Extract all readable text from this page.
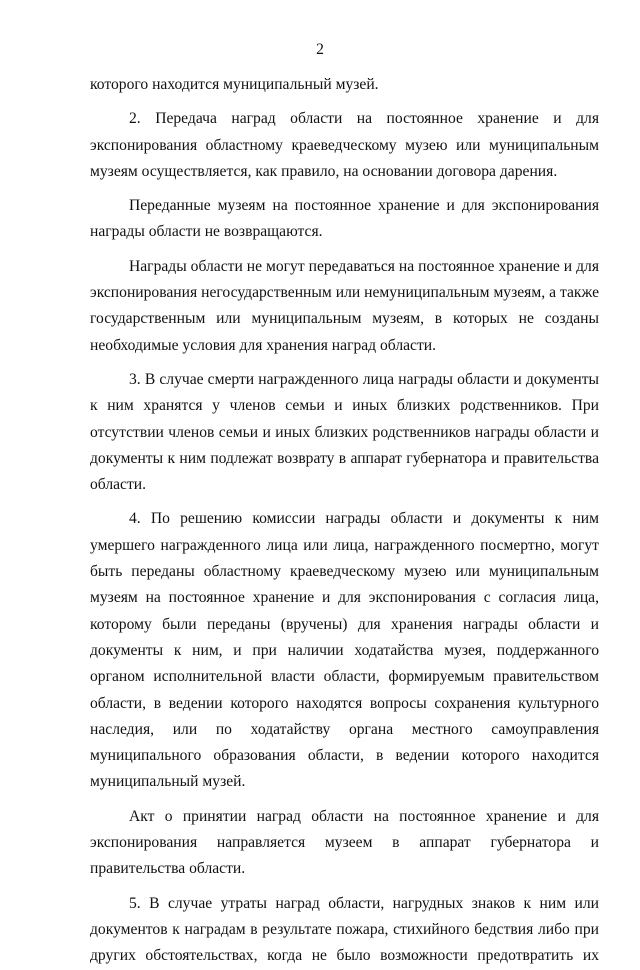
2

которого находится муниципальный музей.

2. Передача наград области на постоянное хранение и для экспонирования областному краеведческому музею или муниципальным музеям осуществляется, как правило, на основании договора дарения.

Переданные музеям на постоянное хранение и для экспонирования награды области не возвращаются.

Награды области не могут передаваться на постоянное хранение и для экспонирования негосударственным или немуниципальным музеям, а также государственным или муниципальным музеям, в которых не созданы необходимые условия для хранения наград области.

3. В случае смерти награжденного лица награды области и документы к ним хранятся у членов семьи и иных близких родственников. При отсутствии членов семьи и иных близких родственников награды области и документы к ним подлежат возврату в аппарат губернатора и правительства области.

4. По решению комиссии награды области и документы к ним умершего награжденного лица или лица, награжденного посмертно, могут быть переданы областному краеведческому музею или муниципальным музеям на постоянное хранение и для экспонирования с согласия лица, которому были переданы (вручены) для хранения награды области и документы к ним, и при наличии ходатайства музея, поддержанного органом исполнительной власти области, формируемым правительством области, в ведении которого находятся вопросы сохранения культурного наследия, или по ходатайству органа местного самоуправления муниципального образования области, в ведении которого находится муниципальный музей.

Акт о принятии наград области на постоянное хранение и для экспонирования направляется музеем в аппарат губернатора и правительства области.

5. В случае утраты наград области, нагрудных знаков к ним или документов к наградам в результате пожара, стихийного бедствия либо при других обстоятельствах, когда не было возможности предотвратить их
